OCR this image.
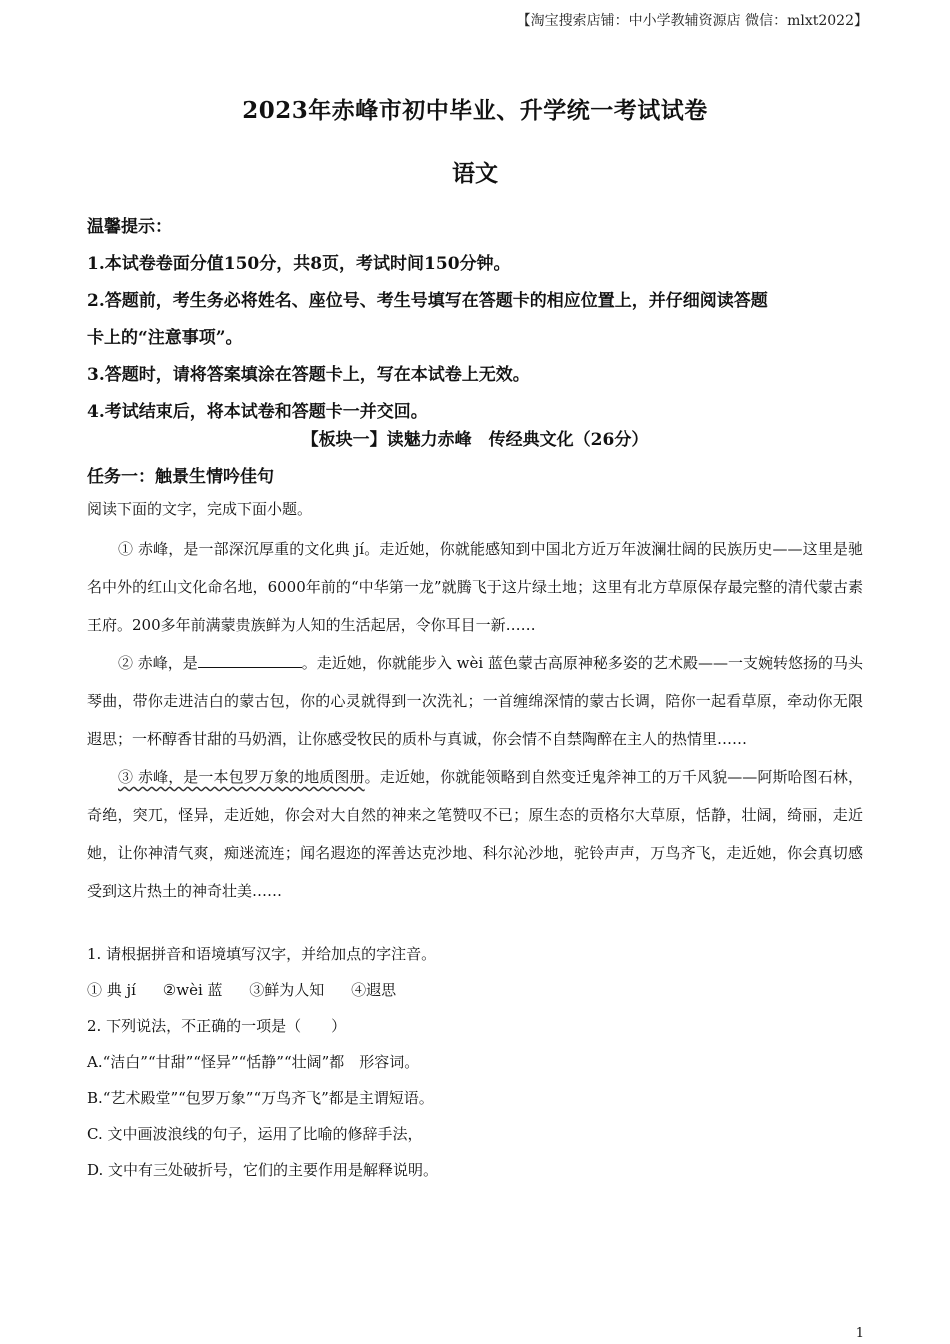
【淘宝搜索店铺：中小学教辅资源店 微信：mlxt2022】
2023年赤峰市初中毕业、升学统一考试试卷
语文
温馨提示：
1.本试卷卷面分值150分，共8页，考试时间150分钟。
2.答题前，考生务必将姓名、座位号、考生号填写在答题卡的相应位置上，并仔细阅读答题
卡上的“注意事项”。
3.答题时，请将答案填涂在答题卡上，写在本试卷上无效。
4.考试结束后，将本试卷和答题卡一并交回。
【板块一】读魅力赤峰　传经典文化（26分）
任务一：触景生情吟佳句
阅读下面的文字，完成下面小题。

① 赤峰，是一部深沉厚重的文化典 jí。走近她，你就能感知到中国北方近万年波澜壮阔的民族历史——这里是驰名中外的红山文化命名地，6000年前的“中华第一龙”就腾飞于这片绿土地；这里有北方草原保存最完整的清代蒙古素王府。200多年前满蒙贵族鲜为人知的生活起居，令你耳目一新……

② 赤峰，是	。走近她，你就能步入 wèi 蓝色蒙古高原神秘多姿的艺术殿——一支婉转悠扬的马头琴曲，带你走进洁白的蒙古包，你的心灵就得到一次洗礼；一首缠绵深情的蒙古长调，陪你一起看草原，牵动你无限遐思；一杯醇香甘甜的马奶酒，让你感受牧民的质朴与真诚，你会情不自禁陶醉在主人的热情里……

③ 赤峰，是一本包罗万象的地质图册。走近她，你就能领略到自然变迁鬼斧神工的万千风貌——阿斯哈图石林，奇绝，突兀，怪异，走近她，你会对大自然的神来之笔赞叹不已；原生态的贡格尔大草原，恬静，壮阔，绮丽，走近她，让你神清气爽，痴迷流连；闻名遐迩的浑善达克沙地、科尔沁沙地，驼铃声声，万鸟齐飞，走近她，你会真切感受到这片热土的神奇壮美……

1. 请根据拼音和语境填写汉字，并给加点的字注音。
① 典 jí ②wèi 蓝 ③鲜为人知 ④遐思
2. 下列说法，不正确的一项是（　　）
A.“洁白”“甘甜”“怪异”“恬静”“壮阔”都　形容词。
B.“艺术殿堂”“包罗万象”“万鸟齐飞”都是主谓短语。
C. 文中画波浪线的句子，运用了比喻的修辞手法，
D. 文中有三处破折号，它们的主要作用是解释说明。
1
